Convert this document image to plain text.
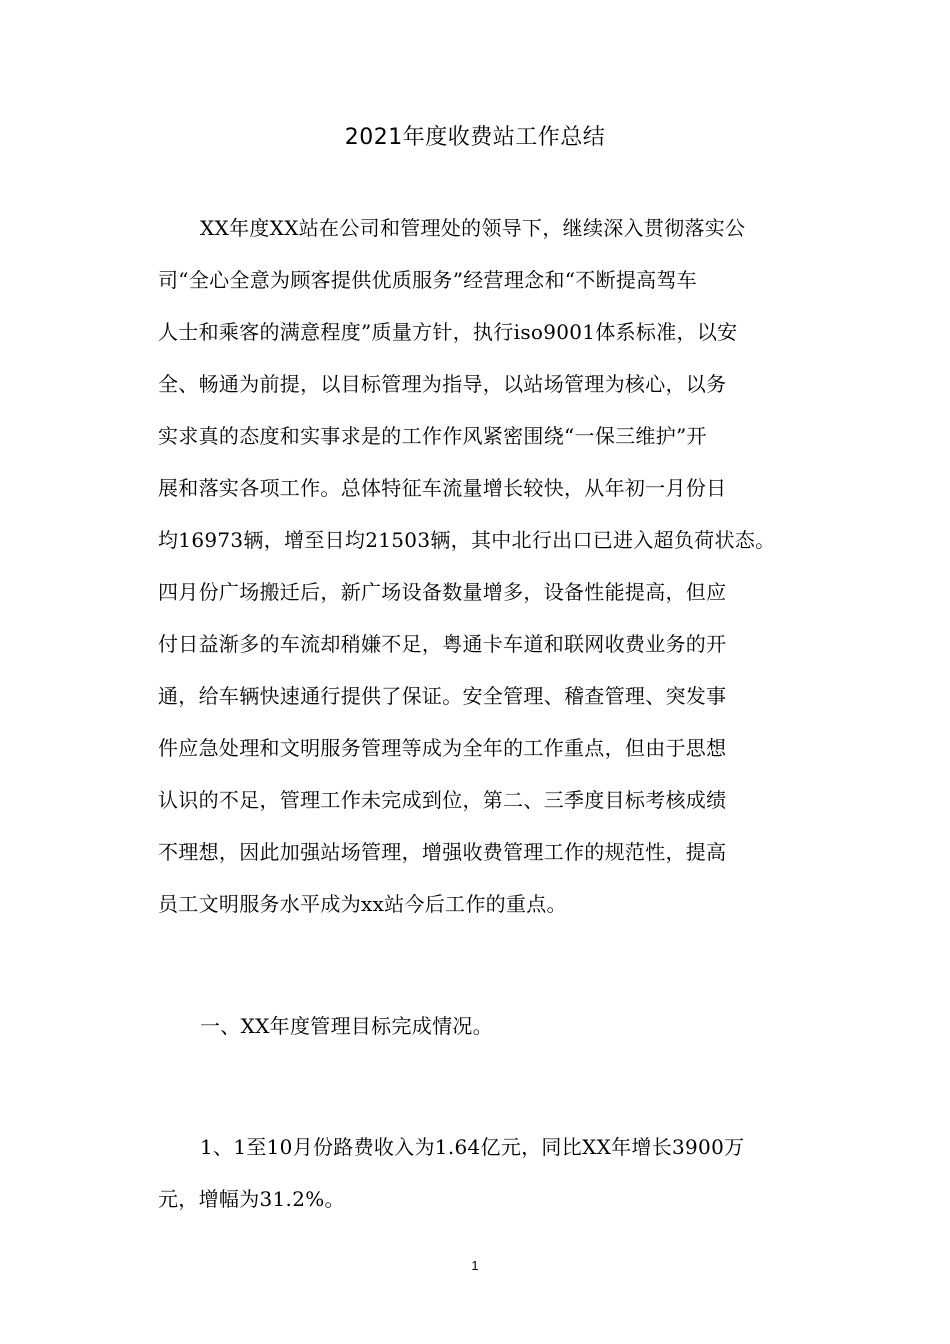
2021年度收费站工作总结
XX年度XX站在公司和管理处的领导下，继续深入贯彻落实公
司“全心全意为顾客提供优质服务”经营理念和“不断提高驾车
人士和乘客的满意程度”质量方针，执行iso9001体系标准，以安
全、畅通为前提，以目标管理为指导，以站场管理为核心，以务
实求真的态度和实事求是的工作作风紧密围绕“一保三维护”开
展和落实各项工作。总体特征车流量增长较快，从年初一月份日
均16973辆，增至日均21503辆，其中北行出口已进入超负荷状态。
四月份广场搬迁后，新广场设备数量增多，设备性能提高，但应
付日益渐多的车流却稍嫌不足，粤通卡车道和联网收费业务的开
通，给车辆快速通行提供了保证。安全管理、稽查管理、突发事
件应急处理和文明服务管理等成为全年的工作重点，但由于思想
认识的不足，管理工作未完成到位，第二、三季度目标考核成绩
不理想，因此加强站场管理，增强收费管理工作的规范性，提高
员工文明服务水平成为xx站今后工作的重点。
一、XX年度管理目标完成情况。
1、1至10月份路费收入为1.64亿元，同比XX年增长3900万
元，增幅为31.2%。
1
